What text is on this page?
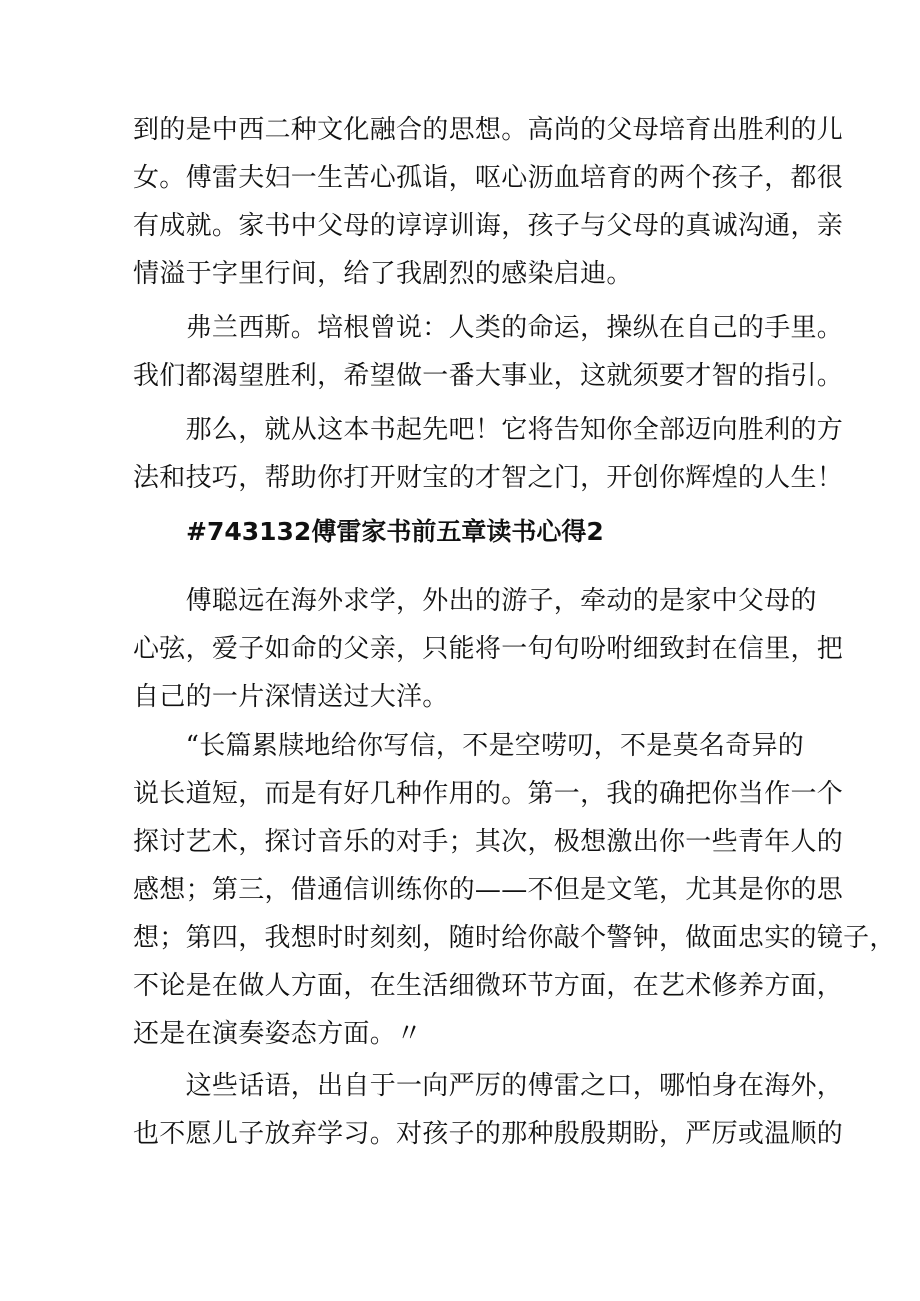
到的是中西二种文化融合的思想。高尚的父母培育出胜利的儿
女。傅雷夫妇一生苦心孤诣，呕心沥血培育的两个孩子，都很
有成就。家书中父母的谆谆训诲，孩子与父母的真诚沟通，亲
情溢于字里行间，给了我剧烈的感染启迪。

　　弗兰西斯。培根曾说：人类的命运，操纵在自己的手里。
我们都渴望胜利，希望做一番大事业，这就须要才智的指引。

　　那么，就从这本书起先吧！它将告知你全部迈向胜利的方
法和技巧，帮助你打开财宝的才智之门，开创你辉煌的人生！

#743132傅雷家书前五章读书心得2

　　傅聪远在海外求学，外出的游子，牵动的是家中父母的
心弦，爱子如命的父亲，只能将一句句吩咐细致封在信里，把
自己的一片深情送过大洋。

　　“长篇累牍地给你写信，不是空唠叨，不是莫名奇异的
说长道短，而是有好几种作用的。第一，我的确把你当作一个
探讨艺术，探讨音乐的对手；其次，极想激出你一些青年人的
感想；第三，借通信训练你的——不但是文笔，尤其是你的思
想；第四，我想时时刻刻，随时给你敲个警钟，做面忠实的镜子，
不论是在做人方面，在生活细微环节方面，在艺术修养方面，
还是在演奏姿态方面。〃

　　这些话语，出自于一向严厉的傅雷之口，哪怕身在海外，
也不愿儿子放弃学习。对孩子的那种殷殷期盼，严厉或温顺的
